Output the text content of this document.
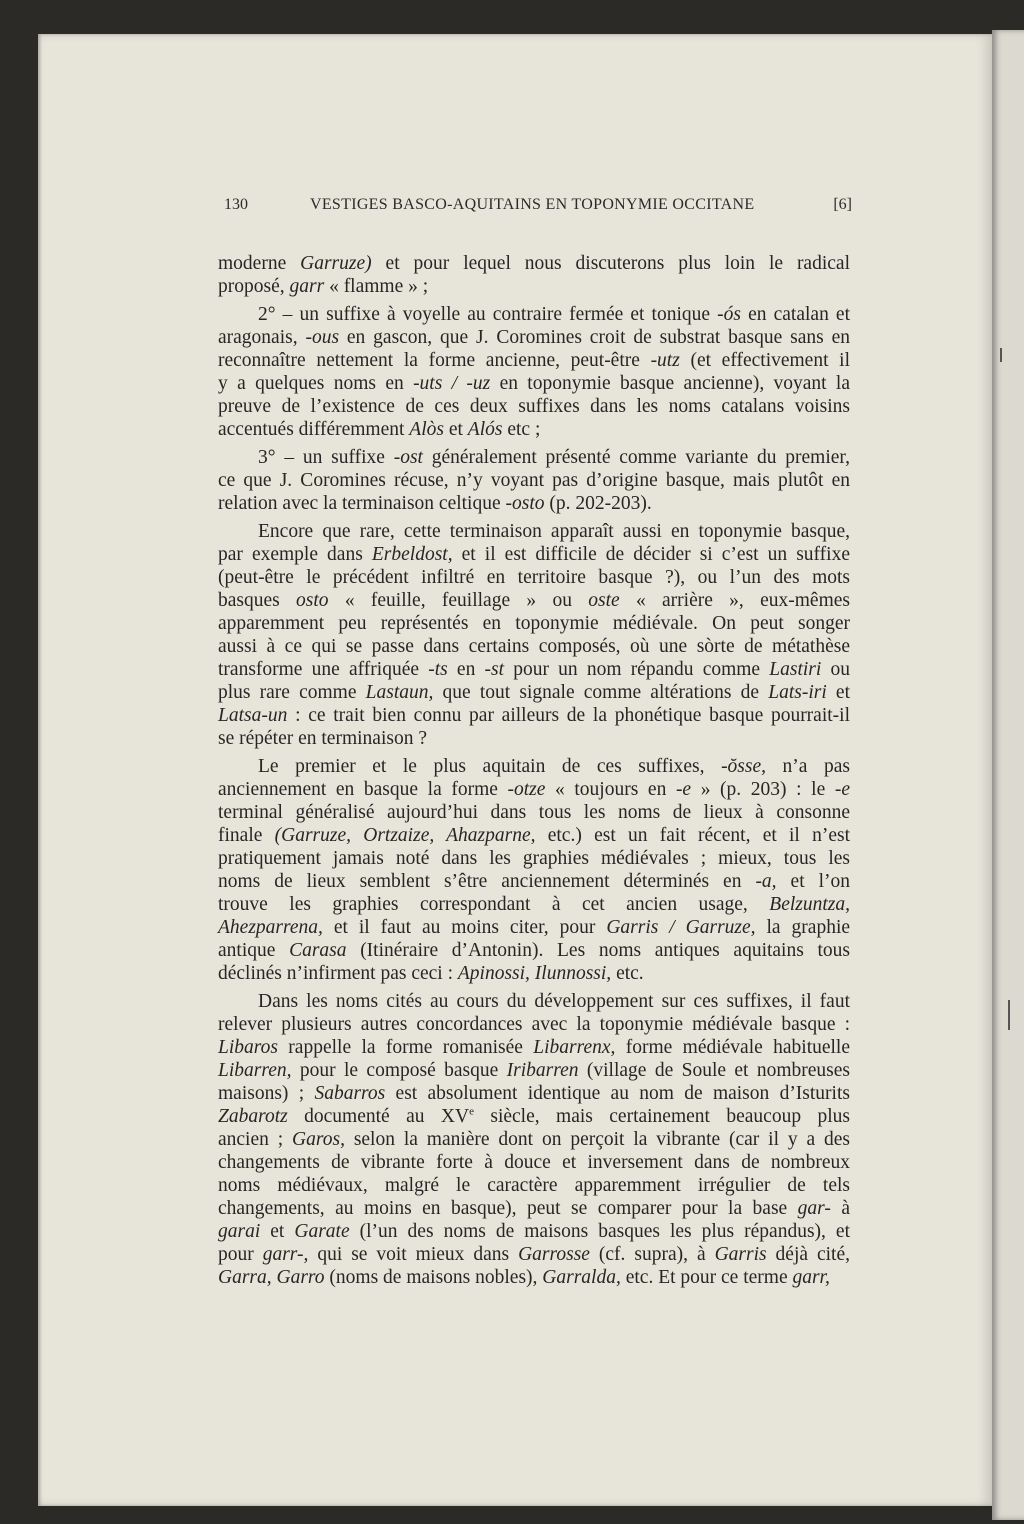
130	VESTIGES BASCO-AQUITAINS EN TOPONYMIE OCCITANE	[6]
moderne Garruze) et pour lequel nous discuterons plus loin le radical
proposé, garr « flamme » ;
2° – un suffixe à voyelle au contraire fermée et tonique -ós en catalan et
aragonais, -ous en gascon, que J. Coromines croit de substrat basque sans en
reconnaître nettement la forme ancienne, peut-être -utz (et effectivement il
y a quelques noms en -uts / -uz en toponymie basque ancienne), voyant la
preuve de l’existence de ces deux suffixes dans les noms catalans voisins
accentués différemment Alòs et Alós etc ;
3° – un suffixe -ost généralement présenté comme variante du premier,
ce que J. Coromines récuse, n’y voyant pas d’origine basque, mais plutôt en
relation avec la terminaison celtique -osto (p. 202-203).
Encore que rare, cette terminaison apparaît aussi en toponymie basque,
par exemple dans Erbeldost, et il est difficile de décider si c’est un suffixe
(peut-être le précédent infiltré en territoire basque ?), ou l’un des mots
basques osto « feuille, feuillage » ou oste « arrière », eux-mêmes
apparemment peu représentés en toponymie médiévale. On peut songer
aussi à ce qui se passe dans certains composés, où une sòrte de métathèse
transforme une affriquée -ts en -st pour un nom répandu comme Lastiri ou
plus rare comme Lastaun, que tout signale comme altérations de Lats-iri et
Latsa-un : ce trait bien connu par ailleurs de la phonétique basque pourrait-il
se répéter en terminaison ?
Le premier et le plus aquitain de ces suffixes, -ŏsse, n’a pas
anciennement en basque la forme -otze « toujours en -e » (p. 203) : le -e
terminal généralisé aujourd’hui dans tous les noms de lieux à consonne
finale (Garruze, Ortzaize, Ahazparne, etc.) est un fait récent, et il n’est
pratiquement jamais noté dans les graphies médiévales ; mieux, tous les
noms de lieux semblent s’être anciennement déterminés en -a, et l’on
trouve les graphies correspondant à cet ancien usage, Belzuntza,
Ahezparrena, et il faut au moins citer, pour Garris / Garruze, la graphie
antique Carasa (Itinéraire d’Antonin). Les noms antiques aquitains tous
déclinés n’infirment pas ceci : Apinossi, Ilunnossi, etc.
Dans les noms cités au cours du développement sur ces suffixes, il faut
relever plusieurs autres concordances avec la toponymie médiévale basque :
Libaros rappelle la forme romanisée Libarrenx, forme médiévale habituelle
Libarren, pour le composé basque Iribarren (village de Soule et nombreuses
maisons) ; Sabarros est absolument identique au nom de maison d’Isturits
Zabarotz documenté au XVe siècle, mais certainement beaucoup plus
ancien ; Garos, selon la manière dont on perçoit la vibrante (car il y a des
changements de vibrante forte à douce et inversement dans de nombreux
noms médiévaux, malgré le caractère apparemment irrégulier de tels
changements, au moins en basque), peut se comparer pour la base gar- à
garai et Garate (l’un des noms de maisons basques les plus répandus), et
pour garr-, qui se voit mieux dans Garrosse (cf. supra), à Garris déjà cité,
Garra, Garro (noms de maisons nobles), Garralda, etc. Et pour ce terme garr,
